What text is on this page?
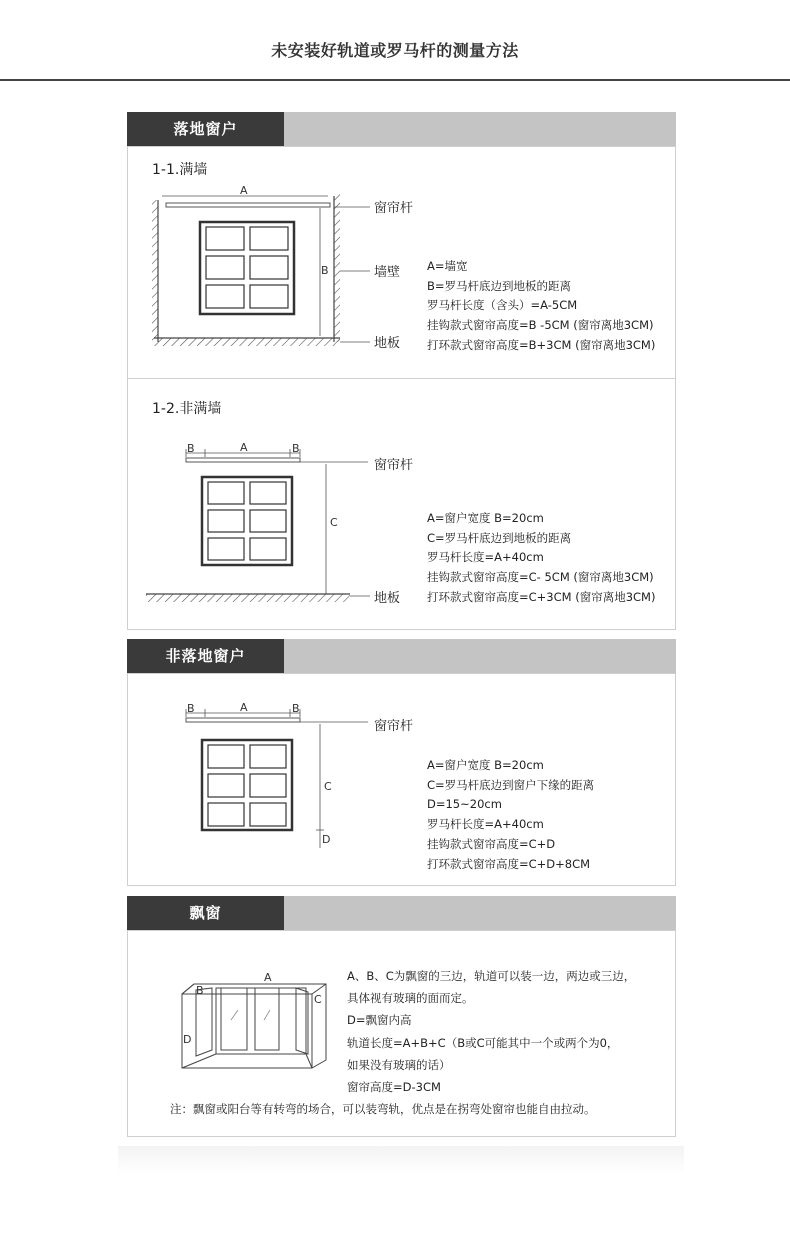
未安装好轨道或罗马杆的测量方法
落地窗户
1-1.满墙
A
B
窗帘杆
墙壁
地板
A=墙宽
B=罗马杆底边到地板的距离
罗马杆长度（含头）=A-5CM
挂钩款式窗帘高度=B -5CM (窗帘离地3CM)
打环款式窗帘高度=B+3CM (窗帘离地3CM)
1-2.非满墙
B	A	B
窗帘杆
C
地板
A=窗户宽度 B=20cm
C=罗马杆底边到地板的距离
罗马杆长度=A+40cm
挂钩款式窗帘高度=C- 5CM (窗帘离地3CM)
打环款式窗帘高度=C+3CM (窗帘离地3CM)
非落地窗户
B	A	B
窗帘杆
C
D
A=窗户宽度 B=20cm
C=罗马杆底边到窗户下缘的距离
D=15~20cm
罗马杆长度=A+40cm
挂钩款式窗帘高度=C+D
打环款式窗帘高度=C+D+8CM
飘窗
A
B
C
D
A、B、C为飘窗的三边，轨道可以装一边，两边或三边，
具体视有玻璃的面而定。
D=飘窗内高
轨道长度=A+B+C（B或C可能其中一个或两个为0，
如果没有玻璃的话）
窗帘高度=D-3CM
注：飘窗或阳台等有转弯的场合，可以装弯轨，优点是在拐弯处窗帘也能自由拉动。
